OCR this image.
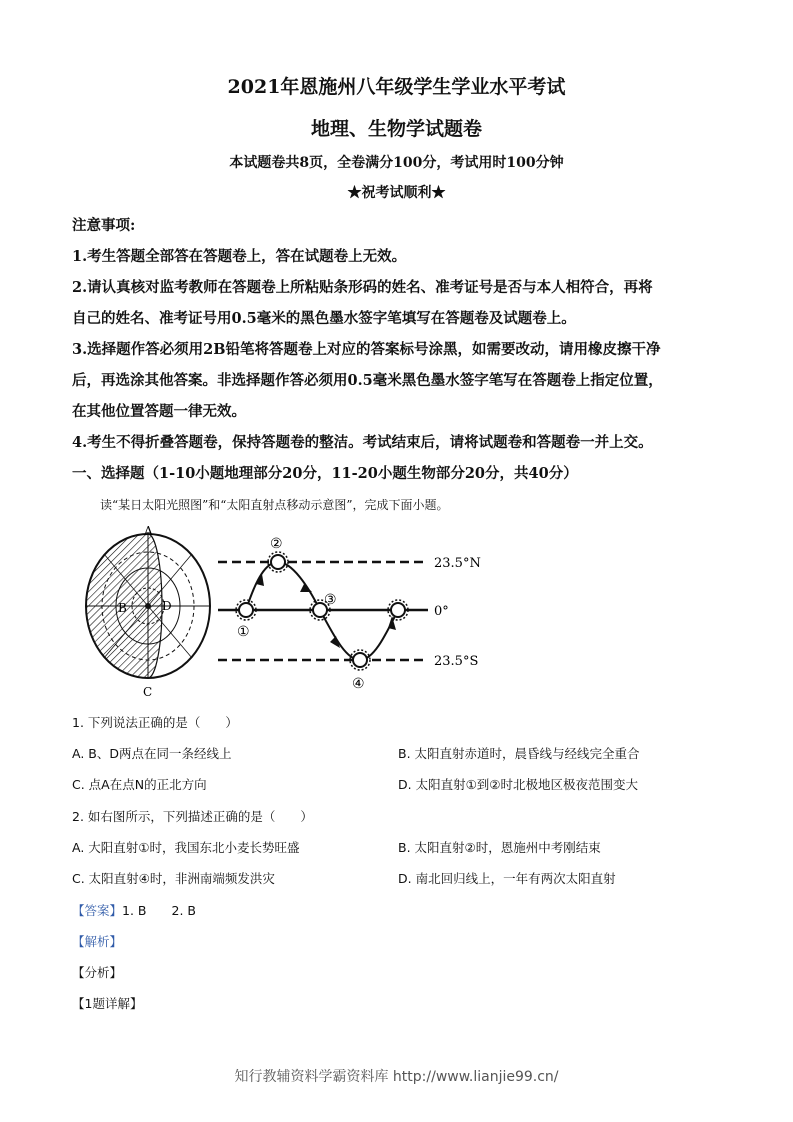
2021年恩施州八年级学生学业水平考试
地理、生物学试题卷
本试题卷共8页，全卷满分100分，考试用时100分钟
★祝考试顺利★
注意事项:
1.考生答题全部答在答题卷上，答在试题卷上无效。
2.请认真核对监考教师在答题卷上所粘贴条形码的姓名、准考证号是否与本人相符合，再将
自己的姓名、准考证号用0.5毫米的黑色墨水签字笔填写在答题卷及试题卷上。
3.选择题作答必须用2B铅笔将答题卷上对应的答案标号涂黑，如需要改动，请用橡皮擦干净
后，再选涂其他答案。非选择题作答必须用0.5毫米黑色墨水签字笔写在答题卷上指定位置，
在其他位置答题一律无效。
4.考生不得折叠答题卷，保持答题卷的整洁。考试结束后，请将试题卷和答题卷一并上交。
一、选择题（1-10小题地理部分20分，11-20小题生物部分20分，共40分）
读“某日太阳光照图”和“太阳直射点移动示意图”，完成下面小题。
A
B
C
D
①
②
③
④
23.5°N
0°
23.5°S
1. 下列说法正确的是（　　）
A. B、D两点在同一条经线上	B. 太阳直射赤道时，晨昏线与经线完全重合
C. 点A在点N的正北方向	D. 太阳直射①到②时北极地区极夜范围变大
2. 如右图所示，下列描述正确的是（　　）
A. 大阳直射①时，我国东北小麦长势旺盛	B. 太阳直射②时，恩施州中考刚结束
C. 太阳直射④时，非洲南端频发洪灾	D. 南北回归线上，一年有两次太阳直射
【答案】1. B　　2. B
【解析】
【分析】
【1题详解】
知行教辅资料学霸资料库 http://www.lianjie99.cn/
